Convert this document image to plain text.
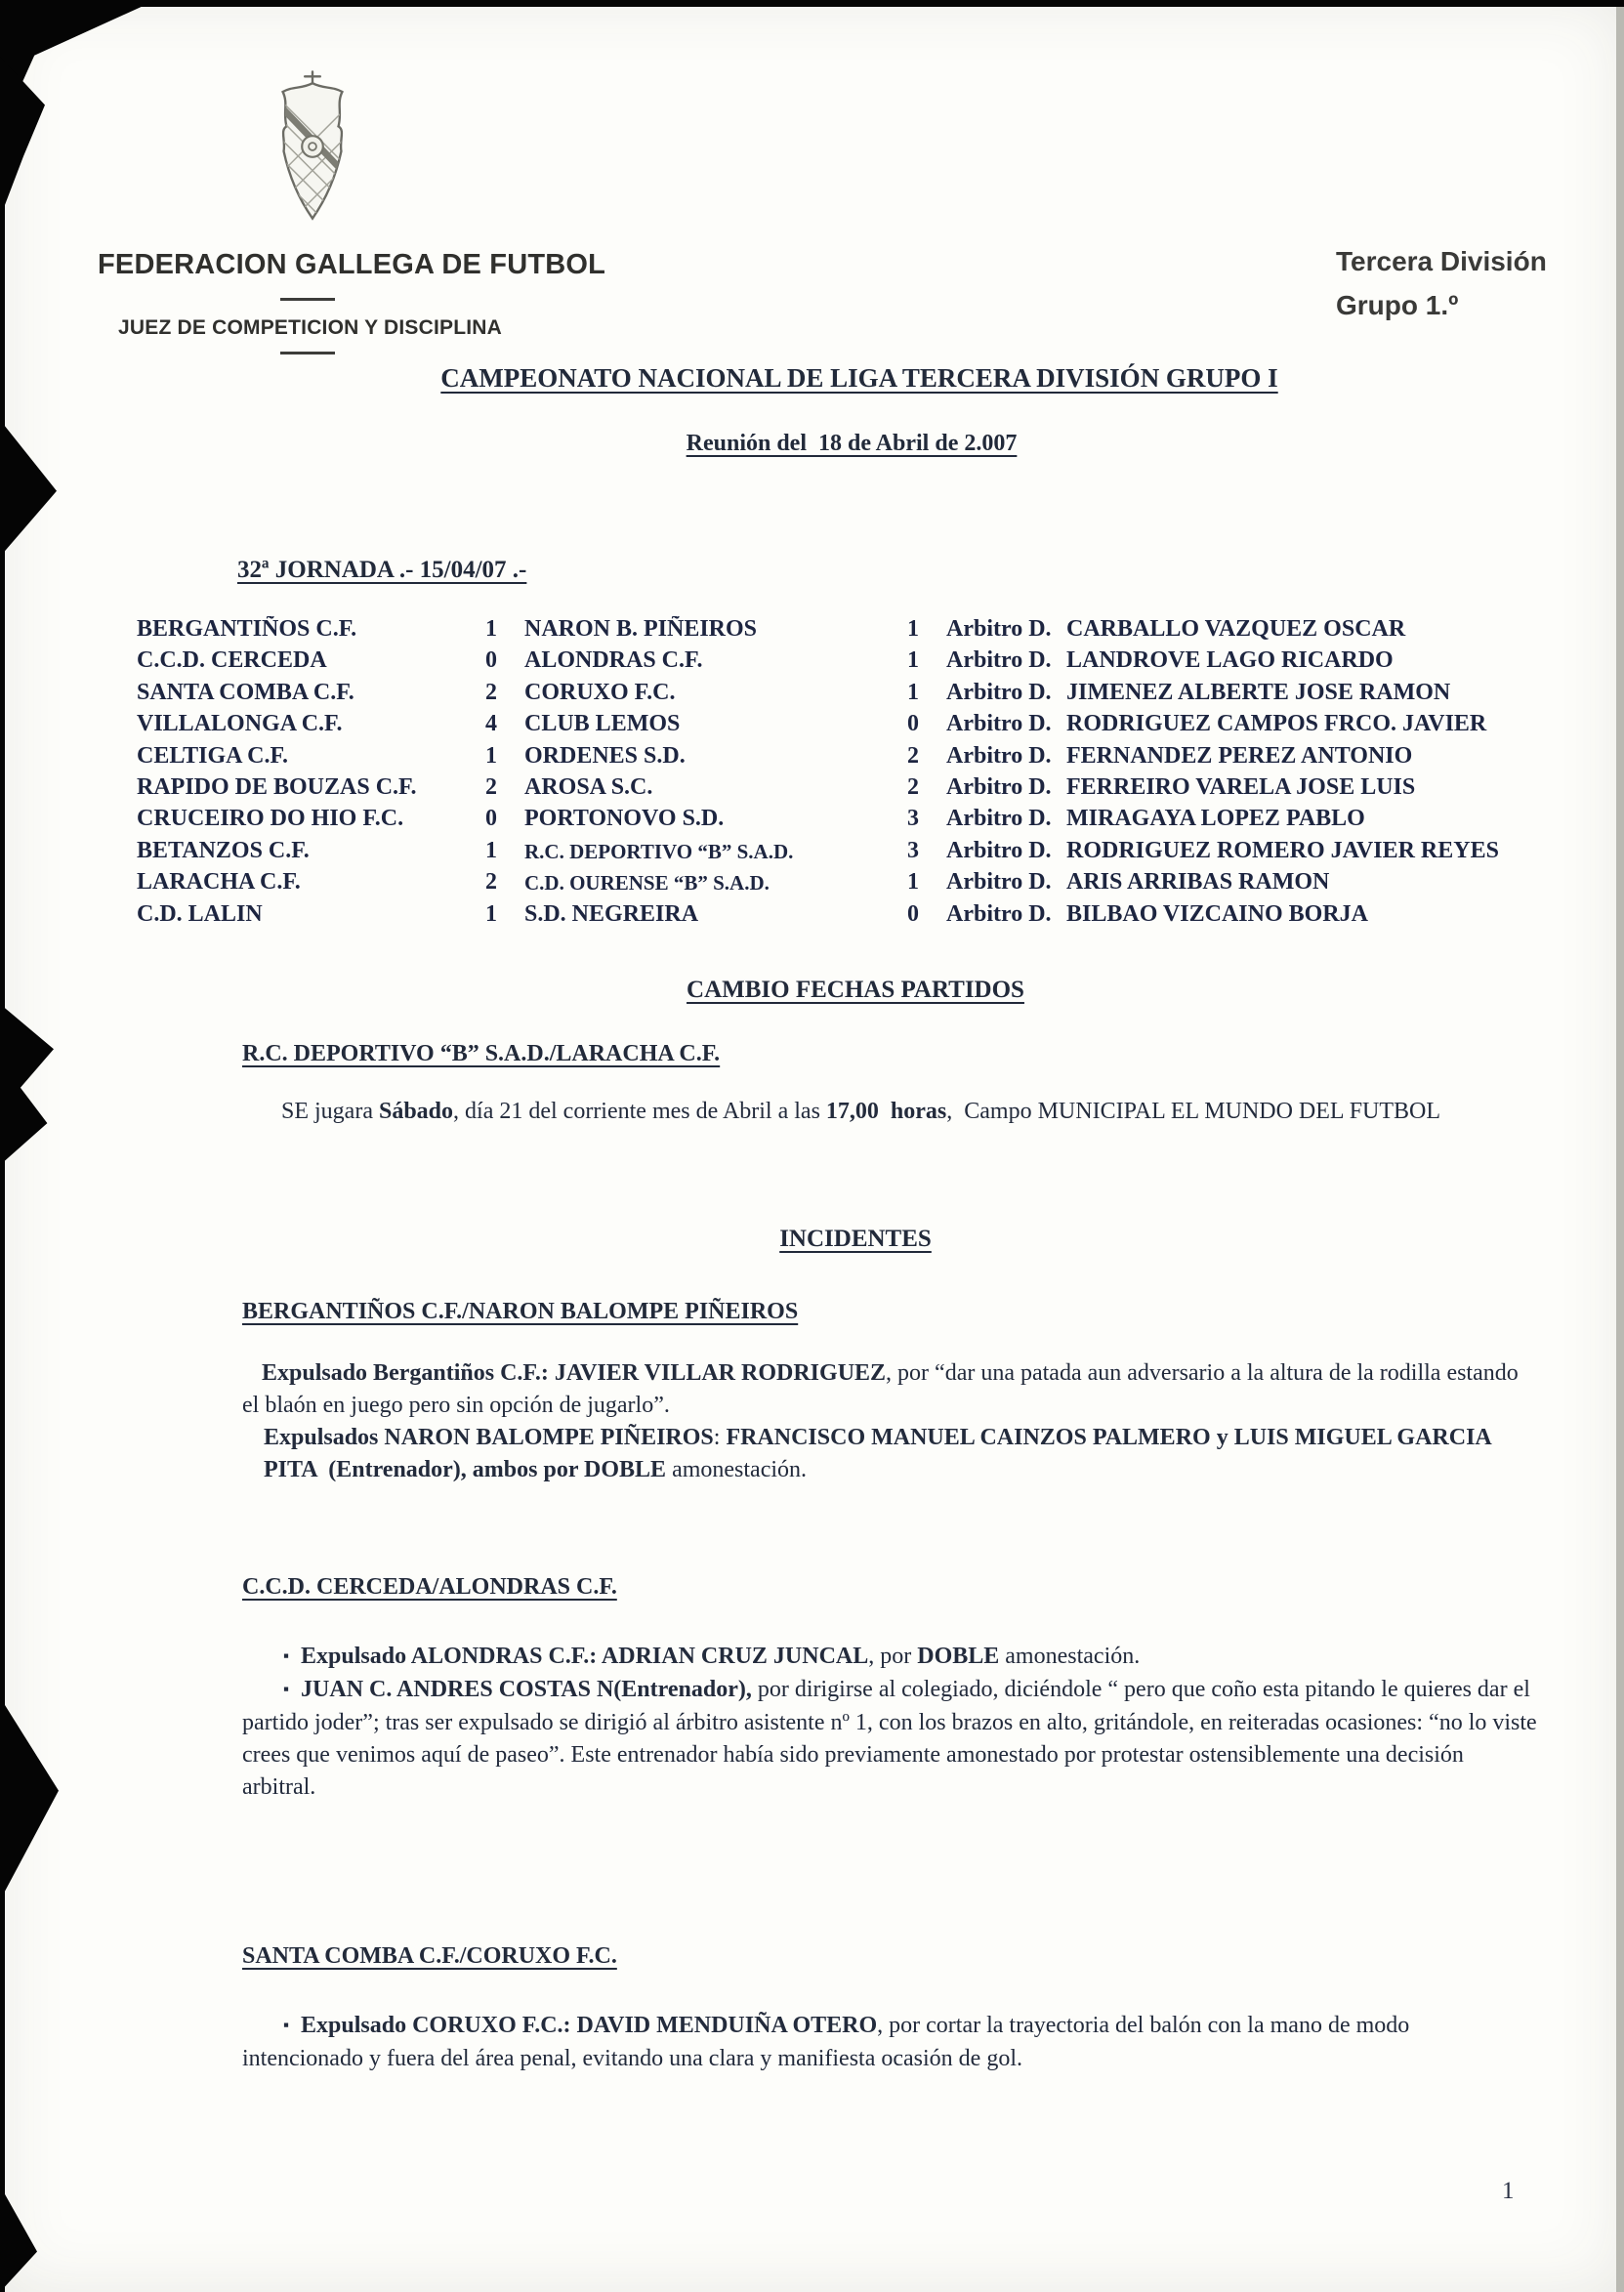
FEDERACION GALLEGA DE FUTBOL
JUEZ DE COMPETICION Y DISCIPLINA
Tercera División
Grupo 1.º
CAMPEONATO NACIONAL DE LIGA TERCERA DIVISIÓN GRUPO I
Reunión del  18 de Abril de 2.007
32ª JORNADA .- 15/04/07 .-
BERGANTIÑOS C.F.	1	NARON B. PIÑEIROS	1	Arbitro D. CARBALLO VAZQUEZ OSCAR
C.C.D. CERCEDA	0	ALONDRAS C.F.	1	Arbitro D. LANDROVE LAGO RICARDO
SANTA COMBA C.F.	2	CORUXO F.C.	1	Arbitro D. JIMENEZ ALBERTE JOSE RAMON
VILLALONGA C.F.	4	CLUB LEMOS	0	Arbitro D. RODRIGUEZ CAMPOS FRCO. JAVIER
CELTIGA C.F.	1	ORDENES S.D.	2	Arbitro D. FERNANDEZ PEREZ ANTONIO
RAPIDO DE BOUZAS C.F.	2	AROSA S.C.	2	Arbitro D. FERREIRO VARELA JOSE LUIS
CRUCEIRO DO HIO F.C.	0	PORTONOVO S.D.	3	Arbitro D. MIRAGAYA LOPEZ PABLO
BETANZOS C.F.	1	R.C. DEPORTIVO “B” S.A.D.	3	Arbitro D. RODRIGUEZ ROMERO JAVIER REYES
LARACHA C.F.	2	C.D. OURENSE “B” S.A.D.	1	Arbitro D. ARIS ARRIBAS RAMON
C.D. LALIN	1	S.D. NEGREIRA	0	Arbitro D. BILBAO VIZCAINO BORJA
CAMBIO FECHAS PARTIDOS
R.C. DEPORTIVO “B” S.A.D./LARACHA C.F.

SE jugara Sábado, día 21 del corriente mes de Abril a las 17,00  horas,  Campo MUNICIPAL EL MUNDO DEL FUTBOL

INCIDENTES
BERGANTIÑOS C.F./NARON BALOMPE PIÑEIROS

Expulsado Bergantiños C.F.: JAVIER VILLAR RODRIGUEZ, por “dar una patada aun adversario a la altura de la rodilla estando el blaón en juego pero sin opción de jugarlo”.

Expulsados NARON BALOMPE PIÑEIROS: FRANCISCO MANUEL CAINZOS PALMERO y LUIS MIGUEL GARCIA PITA  (Entrenador), ambos por DOBLE amonestación.

C.C.D. CERCEDA/ALONDRAS C.F.

▪ Expulsado ALONDRAS C.F.: ADRIAN CRUZ JUNCAL, por DOBLE amonestación.

▪ JUAN C. ANDRES COSTAS N(Entrenador), por dirigirse al colegiado, diciéndole “ pero que coño esta pitando le quieres dar el partido joder”; tras ser expulsado se dirigió al árbitro asistente nº 1, con los brazos en alto, gritándole, en reiteradas ocasiones: “no lo viste crees que venimos aquí de paseo”. Este entrenador había sido previamente amonestado por protestar ostensiblemente una decisión arbitral.

SANTA COMBA C.F./CORUXO F.C.

▪ Expulsado CORUXO F.C.: DAVID MENDUIÑA OTERO, por cortar la trayectoria del balón con la mano de modo intencionado y fuera del área penal, evitando una clara y manifiesta ocasión de gol.

1
